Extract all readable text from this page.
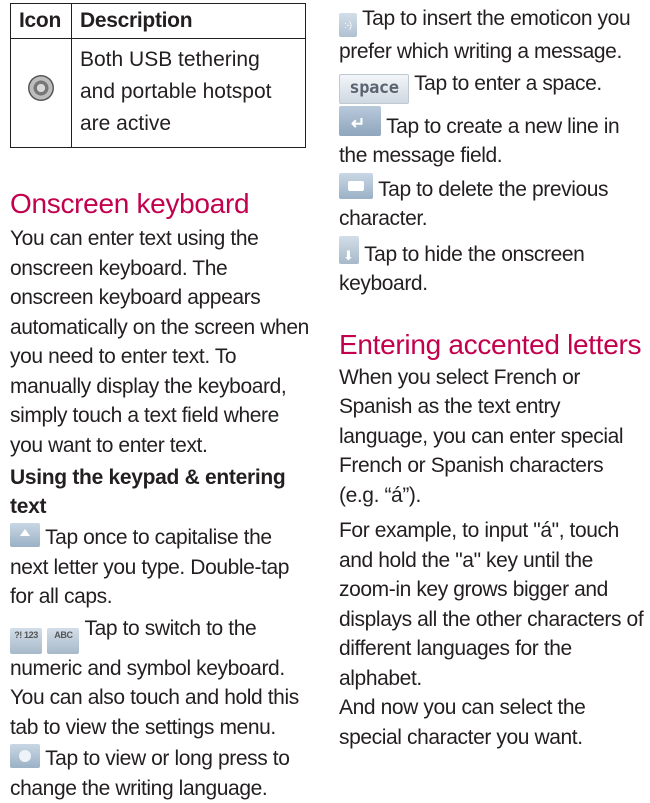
Icon	Description
	Both USB tethering and portable hotspot are active
Onscreen keyboard

You can enter text using the onscreen keyboard. The onscreen keyboard appears automatically on the screen when you need to enter text. To manually display the keyboard, simply touch a text field where you want to enter text.

Using the keypad & entering text

Tap once to capitalise the next letter you type. Double-tap for all caps.

?! 123 ABC Tap to switch to the numeric and symbol keyboard. You can also touch and hold this tab to view the settings menu.

Tap to view or long press to change the writing language.

:-) Tap to insert the emoticon you prefer which writing a message.

space Tap to enter a space.

↵ Tap to create a new line in the message field.

Tap to delete the previous character.

⬇ Tap to hide the onscreen keyboard.

Entering accented letters

When you select French or Spanish as the text entry language, you can enter special French or Spanish characters (e.g. “á”).

For example, to input "á", touch and hold the "a" key until the zoom-in key grows bigger and displays all the other characters of different languages for the alphabet.

And now you can select the special character you want.
